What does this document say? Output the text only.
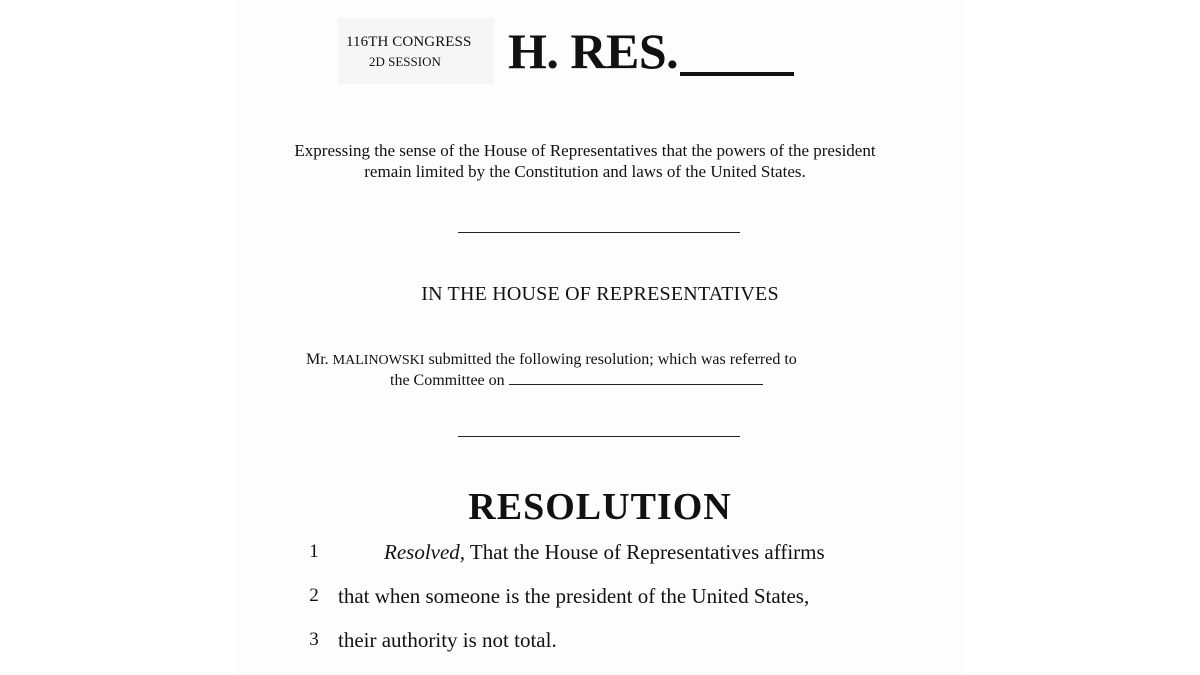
116TH CONGRESS
2D SESSION H. RES.
Expressing the sense of the House of Representatives that the powers of the president remain limited by the Constitution and laws of the United States.
IN THE HOUSE OF REPRESENTATIVES
Mr. MALINOWSKI submitted the following resolution; which was referred to
the Committee on
RESOLUTION
1	Resolved, That the House of Representatives affirms
2 that when someone is the president of the United States,
3 their authority is not total.
